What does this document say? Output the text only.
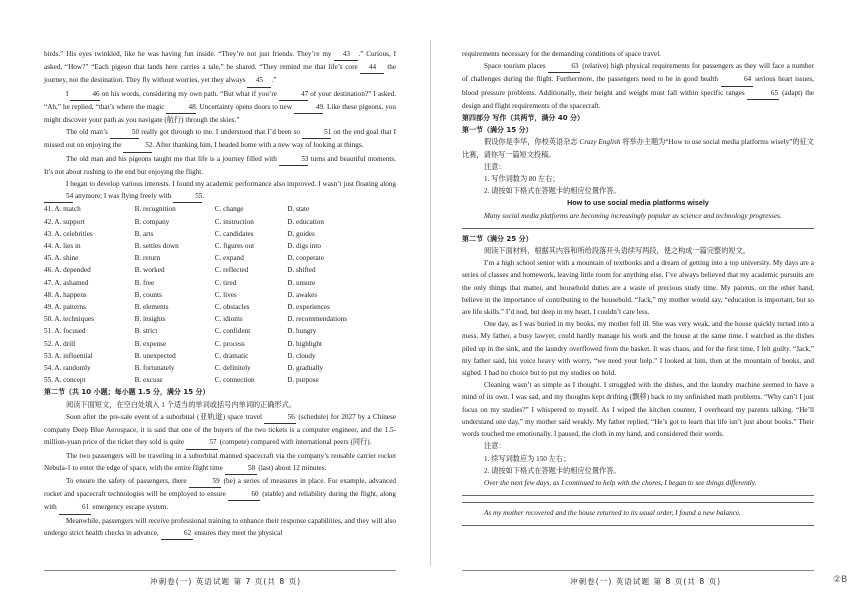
birds.” His eyes twinkled, like he was having fun inside. “They’re not just friends. They’re my 43 .” Curious, I asked, “How?” “Each pigeon that lands here carries a tale,” he shared. “They remind me that life’s core 44 the journey, not the destination. They fly without worries, yet they always 45 .”

I	46 on his words, considering my own path. “But what if you’re	47 of your destination?” I asked. “Ah,” he replied, “that’s where the magic	48. Uncertainty opens doors to new	49. Like these pigeons, you might discover your path as you navigate (航行) through the skies.”

The old man’s	50 really got through to me. I understood that I’d been so	51 on the end goal that I missed out on enjoying the	52. After thanking him, I headed home with a new way of looking at things.

The old man and his pigeons taught me that life is a journey filled with	53 turns and beautiful moments. It’s not about rushing to the end but enjoying the flight.

I began to develop various interests. I found my academic performance also improved. I wasn’t just floating along 54 anymore; I was flying freely with	55.

41. A. match	B. recognition	C. change	D. state
42. A. support	B. company	C. instruction	D. education
43. A. celebrities	B. arts	C. candidates	D. guides
44. A. lies in	B. settles down	C. figures out	D. digs into
45. A. shine	B. return	C. expand	D. cooperate
46. A. depended	B. worked	C. reflected	D. shifted
47. A. ashamed	B. free	C. tired	D. unsure
48. A. happens	B. counts	C. lives	D. awakes
49. A. patterns	B. elements	C. obstacles	D. experiences
50. A. techniques	B. insights	C. idioms	D. recommendations
51. A. focused	B. strict	C. confident	D. hungry
52. A. drill	B. expense	C. process	D. highlight
53. A. influential	B. unexpected	C. dramatic	D. cloudy
54. A. randomly	B. fortunately	C. definitely	D. gradually
55. A. concept	B. excuse	C. connection	D. purpose

第二节（共 10 小题；每小题 1.5 分，满分 15 分）

阅读下面短文，在空白处填入 1 个适当的单词或括号内单词的正确形式。

Soon after the pre-sale event of a suborbital (亚轨道) space travel	56 (schedule) for 2027 by a Chinese company Deep Blue Aerospace, it is said that one of the buyers of the two tickets is a computer engineer, and the 1.5-million-yuan price of the ticket they sold is quite	57 (compete) compared with international peers (同行).

The two passengers will be traveling in a suborbital manned spacecraft via the company’s reusable carrier rocket Nebula-1 to enter the edge of space, with the entire flight time	58 (last) about 12 minutes.

To ensure the safety of passengers, there	59 (be) a series of measures in place. For example, advanced rocket and spacecraft technologies will be employed to ensure	60 (stable) and reliability during the flight, along with	61 emergency escape system.

Meanwhile, passengers will receive professional training to enhance their response capabilities, and they will also undergo strict health checks in advance,	62 ensures they meet the physical

requirements necessary for the demanding conditions of space travel.

Space tourism places	63 (relative) high physical requirements for passengers as they will face a number of challenges during the flight. Furthermore, the passengers need to be in good health	64 serious heart issues, blood pressure problems. Additionally, their height and weight must fall within specific ranges	65 (adapt) the design and flight requirements of the spacecraft.

第四部分 写作（共两节，满分 40 分）

第一节（满分 15 分）

假设你是李华，你校英语杂志 Crazy English 将举办主题为“How to use social media platforms wisely”的征文比赛，请你写一篇短文投稿。

注意：

1. 写作词数为 80 左右；

2. 请按如下格式在答题卡的相应位置作答。

How to use social media platforms wisely

Many social media platforms are becoming increasingly popular as science and technology progresses.

第二节（满分 25 分）

阅读下面材料，根据其内容和所给段落开头语续写两段，使之构成一篇完整的短文。

I’m a high school senior with a mountain of textbooks and a dream of getting into a top university. My days are a series of classes and homework, leaving little room for anything else. I’ve always believed that my academic pursuits are the only things that matter, and household duties are a waste of precious study time. My parents, on the other hand, believe in the importance of contributing to the household. “Jack,” my mother would say, “education is important, but so are life skills.” I’d nod, but deep in my heart, I couldn’t care less.

One day, as I was buried in my books, my mother fell ill. She was very weak, and the house quickly turned into a mess. My father, a busy lawyer, could hardly manage his work and the house at the same time. I watched as the dishes piled up in the sink, and the laundry overflowed from the basket. It was chaos, and for the first time, I felt guilty. “Jack,” my father said, his voice heavy with worry, “we need your help.” I looked at him, then at the mountain of books, and sighed. I had no choice but to put my studies on hold.

Cleaning wasn’t as simple as I thought. I struggled with the dishes, and the laundry machine seemed to have a mind of its own. I was sad, and my thoughts kept drifting (飘移) back to my unfinished math problems. “Why can’t I just focus on my studies?” I whispered to myself. As I wiped the kitchen counter, I overheard my parents talking. “He’ll understand one day,” my mother said weakly. My father replied, “He’s got to learn that life isn’t just about books.” Their words touched me emotionally. I paused, the cloth in my hand, and considered their words.

注意：

1. 续写词数应为 150 左右；

2. 请按如下格式在答题卡的相应位置作答。

Over the next few days, as I continued to help with the chores, I began to see things differently.

As my mother recovered and the house returned to its usual order, I found a new balance.

冲刺卷(一) 英语试题 第 7 页(共 8 页)	冲刺卷(一) 英语试题 第 8 页(共 8 页)	②B
